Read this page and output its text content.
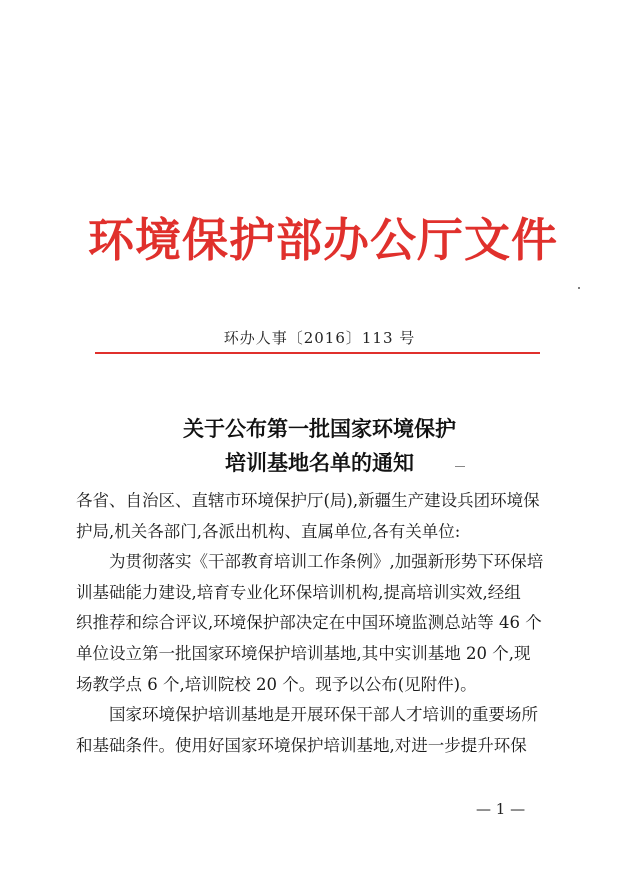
环境保护部办公厅文件
环办人事〔2016〕113 号
关于公布第一批国家环境保护
培训基地名单的通知

各省、自治区、直辖市环境保护厅(局),新疆生产建设兵团环境保

护局,机关各部门,各派出机构、直属单位,各有关单位:

为贯彻落实《干部教育培训工作条例》,加强新形势下环保培

训基础能力建设,培育专业化环保培训机构,提高培训实效,经组

织推荐和综合评议,环境保护部决定在中国环境监测总站等 46 个

单位设立第一批国家环境保护培训基地,其中实训基地 20 个,现

场教学点 6 个,培训院校 20 个。现予以公布(见附件)。

国家环境保护培训基地是开展环保干部人才培训的重要场所

和基础条件。使用好国家环境保护培训基地,对进一步提升环保

— 1 —
